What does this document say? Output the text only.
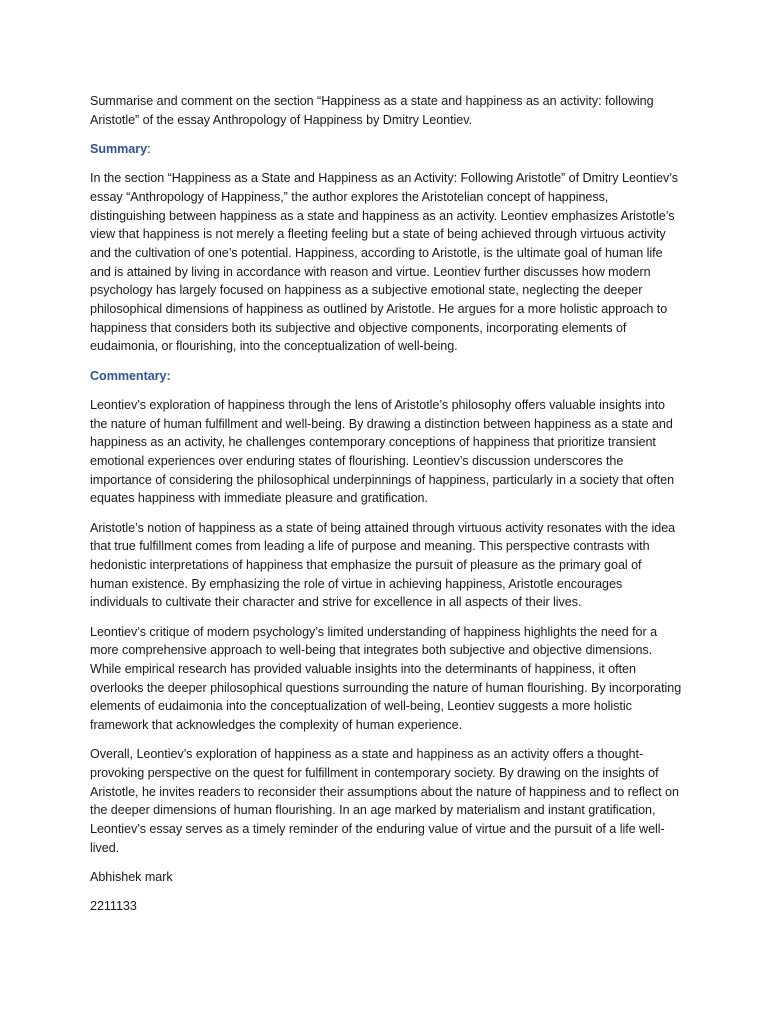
Summarise and comment on the section “Happiness as a state and happiness as an activity: following Aristotle” of the essay Anthropology of Happiness by Dmitry Leontiev.

Summary:

In the section “Happiness as a State and Happiness as an Activity: Following Aristotle” of Dmitry Leontiev’s essay “Anthropology of Happiness,” the author explores the Aristotelian concept of happiness, distinguishing between happiness as a state and happiness as an activity. Leontiev emphasizes Aristotle’s view that happiness is not merely a fleeting feeling but a state of being achieved through virtuous activity and the cultivation of one’s potential. Happiness, according to Aristotle, is the ultimate goal of human life and is attained by living in accordance with reason and virtue. Leontiev further discusses how modern psychology has largely focused on happiness as a subjective emotional state, neglecting the deeper philosophical dimensions of happiness as outlined by Aristotle. He argues for a more holistic approach to happiness that considers both its subjective and objective components, incorporating elements of eudaimonia, or flourishing, into the conceptualization of well-being.

Commentary:

Leontiev’s exploration of happiness through the lens of Aristotle’s philosophy offers valuable insights into the nature of human fulfillment and well-being. By drawing a distinction between happiness as a state and happiness as an activity, he challenges contemporary conceptions of happiness that prioritize transient emotional experiences over enduring states of flourishing. Leontiev’s discussion underscores the importance of considering the philosophical underpinnings of happiness, particularly in a society that often equates happiness with immediate pleasure and gratification.

Aristotle’s notion of happiness as a state of being attained through virtuous activity resonates with the idea that true fulfillment comes from leading a life of purpose and meaning. This perspective contrasts with hedonistic interpretations of happiness that emphasize the pursuit of pleasure as the primary goal of human existence. By emphasizing the role of virtue in achieving happiness, Aristotle encourages individuals to cultivate their character and strive for excellence in all aspects of their lives.

Leontiev’s critique of modern psychology’s limited understanding of happiness highlights the need for a more comprehensive approach to well-being that integrates both subjective and objective dimensions. While empirical research has provided valuable insights into the determinants of happiness, it often overlooks the deeper philosophical questions surrounding the nature of human flourishing. By incorporating elements of eudaimonia into the conceptualization of well-being, Leontiev suggests a more holistic framework that acknowledges the complexity of human experience.

Overall, Leontiev’s exploration of happiness as a state and happiness as an activity offers a thought-provoking perspective on the quest for fulfillment in contemporary society. By drawing on the insights of Aristotle, he invites readers to reconsider their assumptions about the nature of happiness and to reflect on the deeper dimensions of human flourishing. In an age marked by materialism and instant gratification, Leontiev’s essay serves as a timely reminder of the enduring value of virtue and the pursuit of a life well-lived.

Abhishek mark

2211133
